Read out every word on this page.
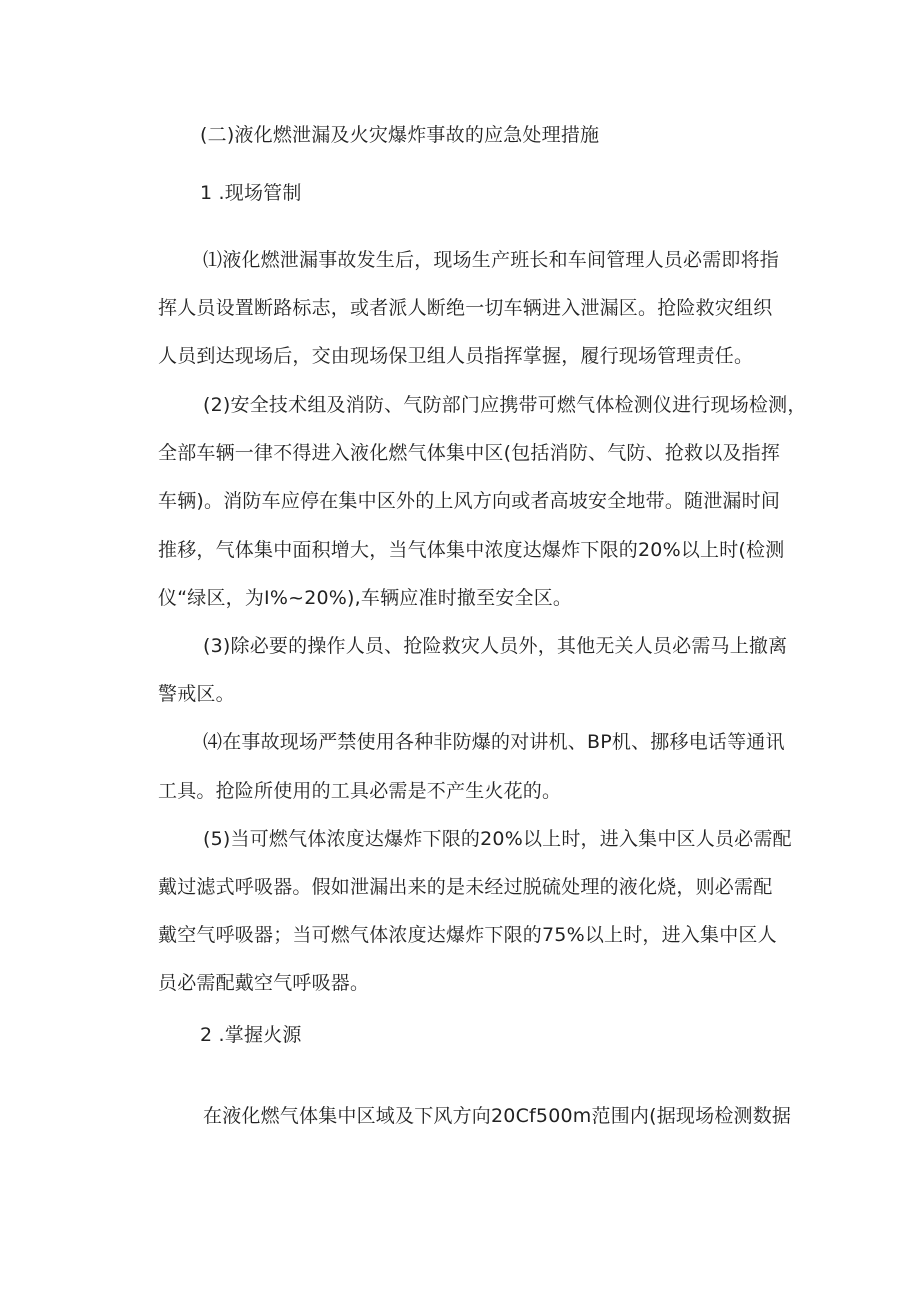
(二)液化燃泄漏及火灾爆炸事故的应急处理措施
1 .现场管制
⑴液化燃泄漏事故发生后，现场生产班长和车间管理人员必需即将指
挥人员设置断路标志，或者派人断绝一切车辆进入泄漏区。抢险救灾组织
人员到达现场后，交由现场保卫组人员指挥掌握，履行现场管理责任。
(2)安全技术组及消防、气防部门应携带可燃气体检测仪进行现场检测，
全部车辆一律不得进入液化燃气体集中区(包括消防、气防、抢救以及指挥
车辆)。消防车应停在集中区外的上风方向或者高坡安全地带。随泄漏时间
推移，气体集中面积增大，当气体集中浓度达爆炸下限的20%以上时(检测
仪“绿区，为I%~20%),车辆应准时撤至安全区。
(3)除必要的操作人员、抢险救灾人员外，其他无关人员必需马上撤离
警戒区。
⑷在事故现场严禁使用各种非防爆的对讲机、BP机、挪移电话等通讯
工具。抢险所使用的工具必需是不产生火花的。
(5)当可燃气体浓度达爆炸下限的20%以上时，进入集中区人员必需配
戴过滤式呼吸器。假如泄漏出来的是未经过脱硫处理的液化烧，则必需配
戴空气呼吸器；当可燃气体浓度达爆炸下限的75%以上时，进入集中区人
员必需配戴空气呼吸器。
2 .掌握火源
在液化燃气体集中区域及下风方向20Cf500m范围内(据现场检测数据
